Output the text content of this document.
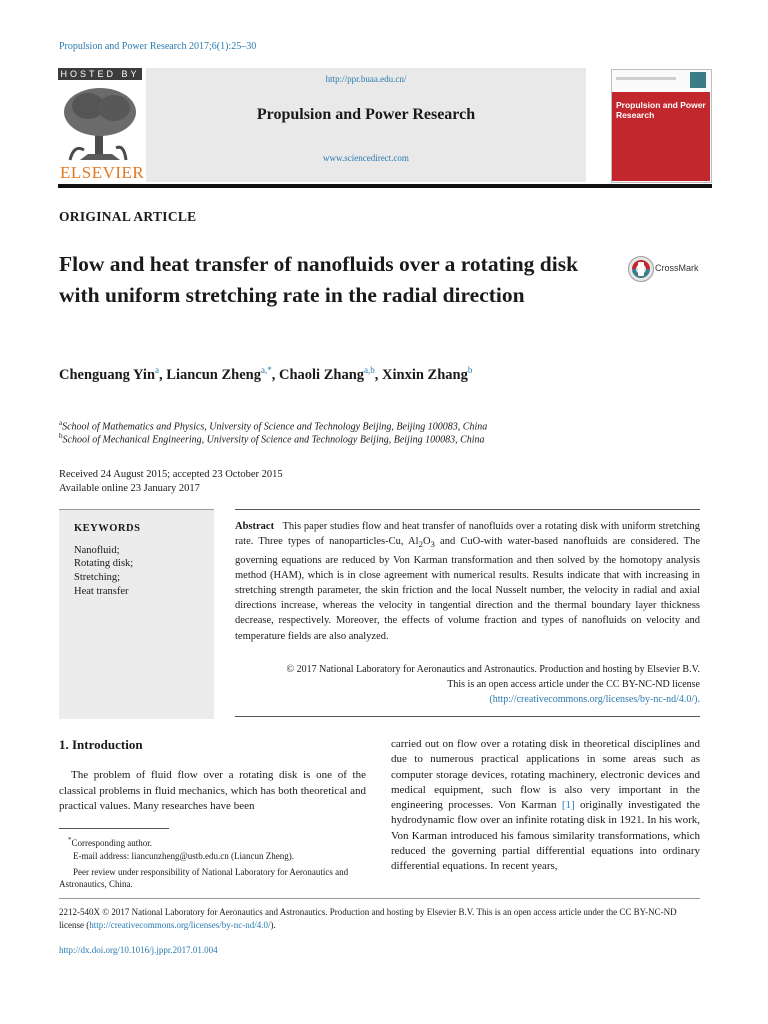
Propulsion and Power Research 2017;6(1):25–30
HOSTED BY
ELSEVIER
http://ppr.buaa.edu.cn/
Propulsion and Power Research
www.sciencedirect.com
Propulsion and Power Research
ORIGINAL ARTICLE
Flow and heat transfer of nanofluids over a rotating disk with uniform stretching rate in the radial direction
CrossMark
Chenguang Yin$^a$, Liancun Zheng$^{a,*}$, Chaoli Zhang$^{a,b}$, Xinxin Zhang$^b$
$^a$School of Mathematics and Physics, University of Science and Technology Beijing, Beijing 100083, China
$^b$School of Mechanical Engineering, University of Science and Technology Beijing, Beijing 100083, China
Received 24 August 2015; accepted 23 October 2015
Available online 23 January 2017
KEYWORDS
Nanofluid;
Rotating disk;
Stretching;
Heat transfer
Abstract This paper studies flow and heat transfer of nanofluids over a rotating disk with uniform stretching rate. Three types of nanoparticles-Cu, $Al_2O_3$ and CuO-with water-based nanofluids are considered. The governing equations are reduced by Von Karman transformation and then solved by the homotopy analysis method (HAM), which is in close agreement with numerical results. Results indicate that with increasing in stretching strength parameter, the skin friction and the local Nusselt number, the velocity in radial and axial directions increase, whereas the velocity in tangential direction and the thermal boundary layer thickness decrease, respectively. Moreover, the effects of volume fraction and types of nanofluids on velocity and temperature fields are also analyzed.
© 2017 National Laboratory for Aeronautics and Astronautics. Production and hosting by Elsevier B.V.
This is an open access article under the CC BY-NC-ND license
(http://creativecommons.org/licenses/by-nc-nd/4.0/).
1. Introduction
The problem of fluid flow over a rotating disk is one of the classical problems in fluid mechanics, which has both theoretical and practical values. Many researches have been
carried out on flow over a rotating disk in theoretical disciplines and due to numerous practical applications in some areas such as computer storage devices, rotating machinery, electronic devices and medical equipment, such flow is also very important in the engineering processes. Von Karman [1] originally investigated the hydrodynamic flow over an infinite rotating disk in 1921. In his work, Von Karman introduced his famous similarity transformations, which reduced the governing partial differential equations into ordinary differential equations. In recent years,
*Corresponding author.
E-mail address: liancunzheng@ustb.edu.cn (Liancun Zheng).
Peer review under responsibility of National Laboratory for Aeronautics and Astronautics, China.
2212-540X © 2017 National Laboratory for Aeronautics and Astronautics. Production and hosting by Elsevier B.V. This is an open access article under the CC BY-NC-ND license (http://creativecommons.org/licenses/by-nc-nd/4.0/).
http://dx.doi.org/10.1016/j.jppr.2017.01.004
